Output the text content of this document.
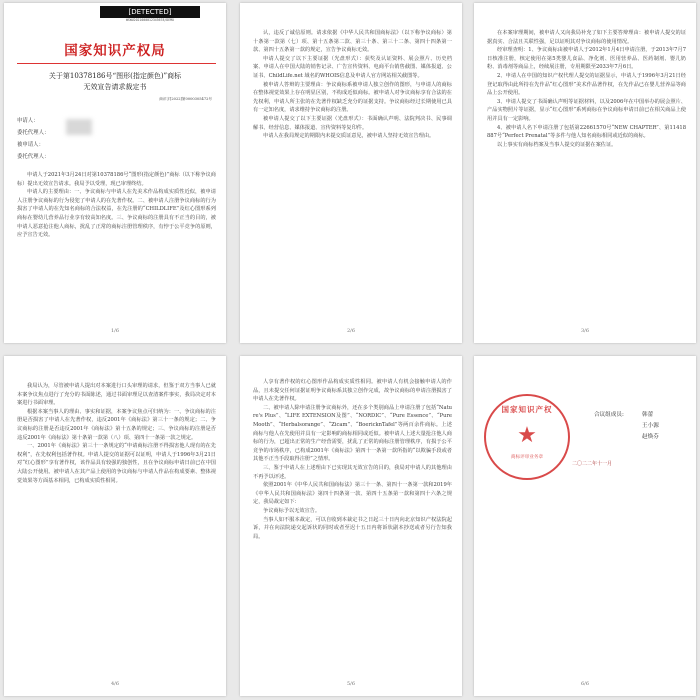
[DETECTED]
WSWU2021000012345678/DEMO
国家知识产权局
关于第10378186号“图形(指定颜色)”商标
无效宣告请求裁定书
商评字[2022]第0000305472号
申请人：
委托代理人：
被申请人：
委托代理人：

申请人于2021年3月24日对第10378186号“图形(指定颜色)”商标（以下称争议商标）提出无效宣告请求。我局予以受理，现已审理终结。

申请人的主要理由：一、争议商标与申请人在先美术作品构成实质性近似，被申请人注册争议商标的行为侵犯了申请人的在先著作权。二、被申请人注册争议商标的行为损害了申请人的在先知名商标的合法权益，在先注册的“CHILDLIFE”及红心图形系列商标在婴幼儿营养品行业享有较高知名度。三、争议商标的注册具有不正当的目的，被申请人恶意抢注他人商标，扰乱了正常的商标注册管理秩序，有悖于公平竞争的原则，应予宣告无效。

1/6

认，违反了诚信原则。请求依据《中华人民共和国商标法》（以下称争议商标）第十条第一款第（七）项、第十五条第二款、第三十条、第三十二条、第四十四条第一款、第四十五条第一款的规定，宣告争议商标无效。

申请人提交了以下主要证据（光盘形式）：获奖及认证资料、展会照片、历史档案、申请人在中国大陆的销售记录、广告宣传资料、电商平台销售截图、媒体报道、公证书、ChildLife.net 域名的WHOIS信息及申请人官方网站相关截图等。

被申请人答辩的主要理由：争议商标系被申请人独立创作的图形，与申请人的商标在整体视觉效果上存在明显区别，不构成近似商标。被申请人对争议商标享有合法的在先权利，申请人所主张的在先著作权缺乏充分的证据支持。争议商标经过长期使用已具有一定知名度，请求维持争议商标的注册。

被申请人提交了以下主要证据（光盘形式）：书面确认声明、法院判决书、民事调解书、经营信息、媒体报道、宣传资料等复印件。

申请人在我局规定的期限内未提交质证意见，被申请人坚持无效宣告理由。

2/6

在本案审理期间，被申请人又向我局补充了如下主要答辩理由：被申请人提交的证据真实、合法且关联性强，足以证明其对争议商标的使用情况。

经审理查明：1、争议商标由被申请人于2012年1月4日申请注册，于2013年7月7日核准注册，核定使用在第5类婴儿食品、净化剂、医用营养品、医药制剂、婴儿奶粉、消毒剂等商品上，经续展注册，专用期限至2033年7月6日。

2、申请人在中国的知识产权代理人提交的证据显示，申请人于1996年3月21日经登记取得由此所持在先作品“红心图形”美术作品著作权，在先作品已在婴儿营养品等商品上公开使用。

3、申请人提交了书面确认声明等证据材料，以及2006年在中国举办的展会照片、产品实物照片等证据，显示“红心图形”系列商标在争议商标申请日前已在相关商品上使用并具有一定影响。

4、被申请人名下申请注册了包括第22661570号“NEW CHAPTER”、第11418887号“Perfect Prenatal”等多件与他人知名商标相同或近似的商标。

以上事实有商标档案及当事人提交的证据在案佐证。

3/6

我局认为，尽管被申请人提出对本案进行口头审理的请求，但鉴于双方当事人已就本案争议焦点进行了充分的书面陈述，通过书面审理足以查清案件事实，我局决定对本案进行书面审理。

根据本案当事人的理由、事实和证据，本案争议焦点可归纳为：一、争议商标的注册是否损害了申请人在先著作权，违反2001年《商标法》第三十一条的规定；二、争议商标的注册是否违反2001年《商标法》第十五条的规定；三、争议商标的注册是否违反2001年《商标法》第十条第一款第（八）项、第四十一条第一款之规定。

一、2001年《商标法》第三十一条规定的“申请商标注册不得损害他人现有的在先权利”，在先权利包括著作权。申请人提交的证据可以证明，申请人于1996年3月21日对“红心图形”享有著作权，该作品具有较强的独创性，且在争议商标申请日前已在中国大陆公开使用。被申请人在其产品上使用的争议商标与申请人作品在构成要素、整体视觉效果等方面基本相同，已构成实质性相同。

4/6

人享有著作权的红心图形作品构成实质性相同。被申请人有机会接触申请人的作品，且未提交任何证据证明争议商标系其独立创作完成，故争议商标的申请注册损害了申请人在先著作权。

二、被申请人除申请注册争议商标外，还在多个类别商品上申请注册了包括“Nature's Plus”、“LIFE EXTENSION及图”、“NORDIC”、“Pure Essence”、“PureMooth”、“Herbalsorange”、“Zicam”、“BoericknTafel”等两百余件商标。上述商标与他人在先使用并具有一定影响的商标相同或近似。被申请人上述大量抢注他人商标的行为，已超出正常的生产经营需要，扰乱了正常的商标注册管理秩序，有损于公平竞争的市场秩序，已构成2001年《商标法》第四十一条第一款所指的“以欺骗手段或者其他不正当手段取得注册”之情形。

三、鉴于申请人在上述理由下已实现其无效宣告的目的，我局对申请人的其他理由不再予以评述。

依照2001年《中华人民共和国商标法》第三十一条、第四十一条第一款和2019年《中华人民共和国商标法》第四十四条第一款、第四十五条第一款和第四十六条之规定，我局裁定如下：

争议商标予以无效宣告。

当事人如不服本裁定，可以自收到本裁定书之日起三十日内向北京知识产权法院起诉，并在向法院递交起诉状的同时或者至迟十五日内将诉状副本抄送或者另行告知我局。

5/6
合议组成员:	韩蕾
王小源
赵焕芬
国家知识产权
★
商标评审业务章
二〇二二年十一月
6/6
